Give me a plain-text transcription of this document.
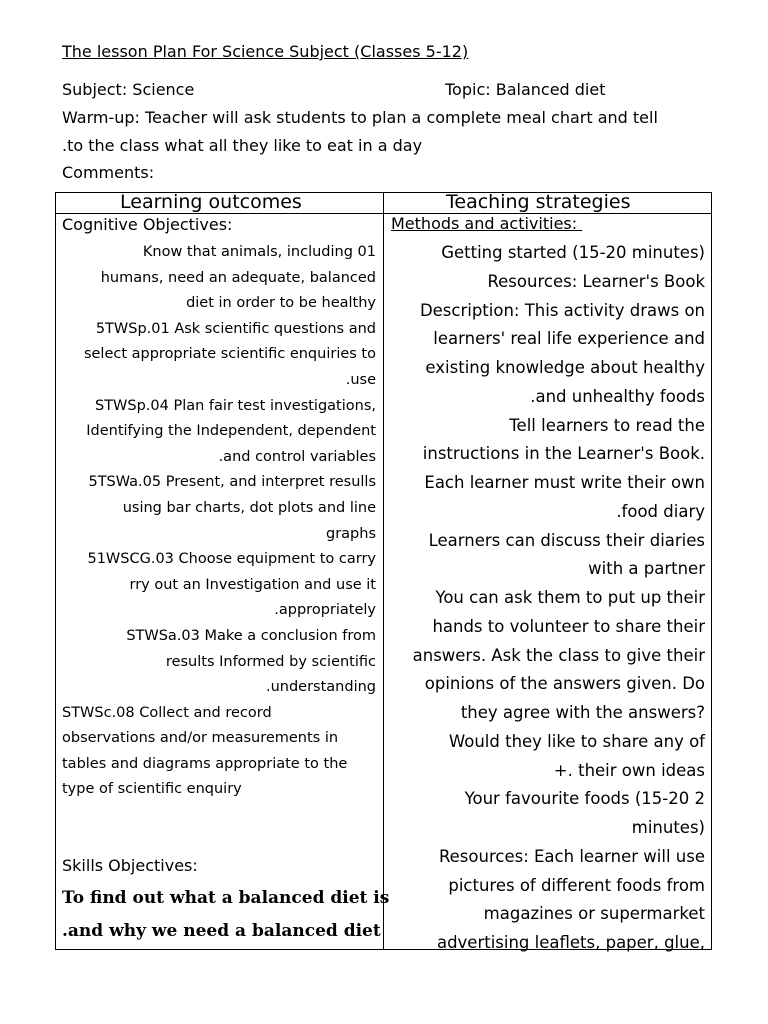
The lesson Plan For Science Subject (Classes 5-12)
Subject: Science	Topic: Balanced diet
Warm-up: Teacher will ask students to plan a complete meal chart and tell
.to the class what all they like to eat in a day
Comments:
Learning outcomes	Teaching strategies
Cognitive Objectives:
Know that animals, including 01
humans, need an adequate, balanced
diet in order to be healthy
5TWSp.01 Ask scientific questions and
select appropriate scientific enquiries to
.use
STWSp.04 Plan fair test investigations,
Identifying the Independent, dependent
.and control variables
5TSWa.05 Present, and interpret resulls
using bar charts, dot plots and line
graphs
51WSCG.03 Choose equipment to carry
rry out an Investigation and use it
.appropriately
STWSa.03 Make a conclusion from
results Informed by scientific
.understanding
STWSc.08 Collect and record
observations and/or measurements in
tables and diagrams appropriate to the
type of scientific enquiry
Skills Objectives:
To find out what a balanced diet is
.and why we need a balanced diet
Methods and activities:
Getting started (15-20 minutes)
Resources: Learner's Book
Description: This activity draws on
learners' real life experience and
existing knowledge about healthy
.and unhealthy foods
Tell learners to read the
instructions in the Learner's Book.
Each learner must write their own
.food diary
Learners can discuss their diaries
with a partner
You can ask them to put up their
hands to volunteer to share their
answers. Ask the class to give their
opinions of the answers given. Do
they agree with the answers?
Would they like to share any of
+. their own ideas
Your favourite foods (15-20 2
minutes)
Resources: Each learner will use
pictures of different foods from
magazines or supermarket
advertising leaflets, paper, glue,
